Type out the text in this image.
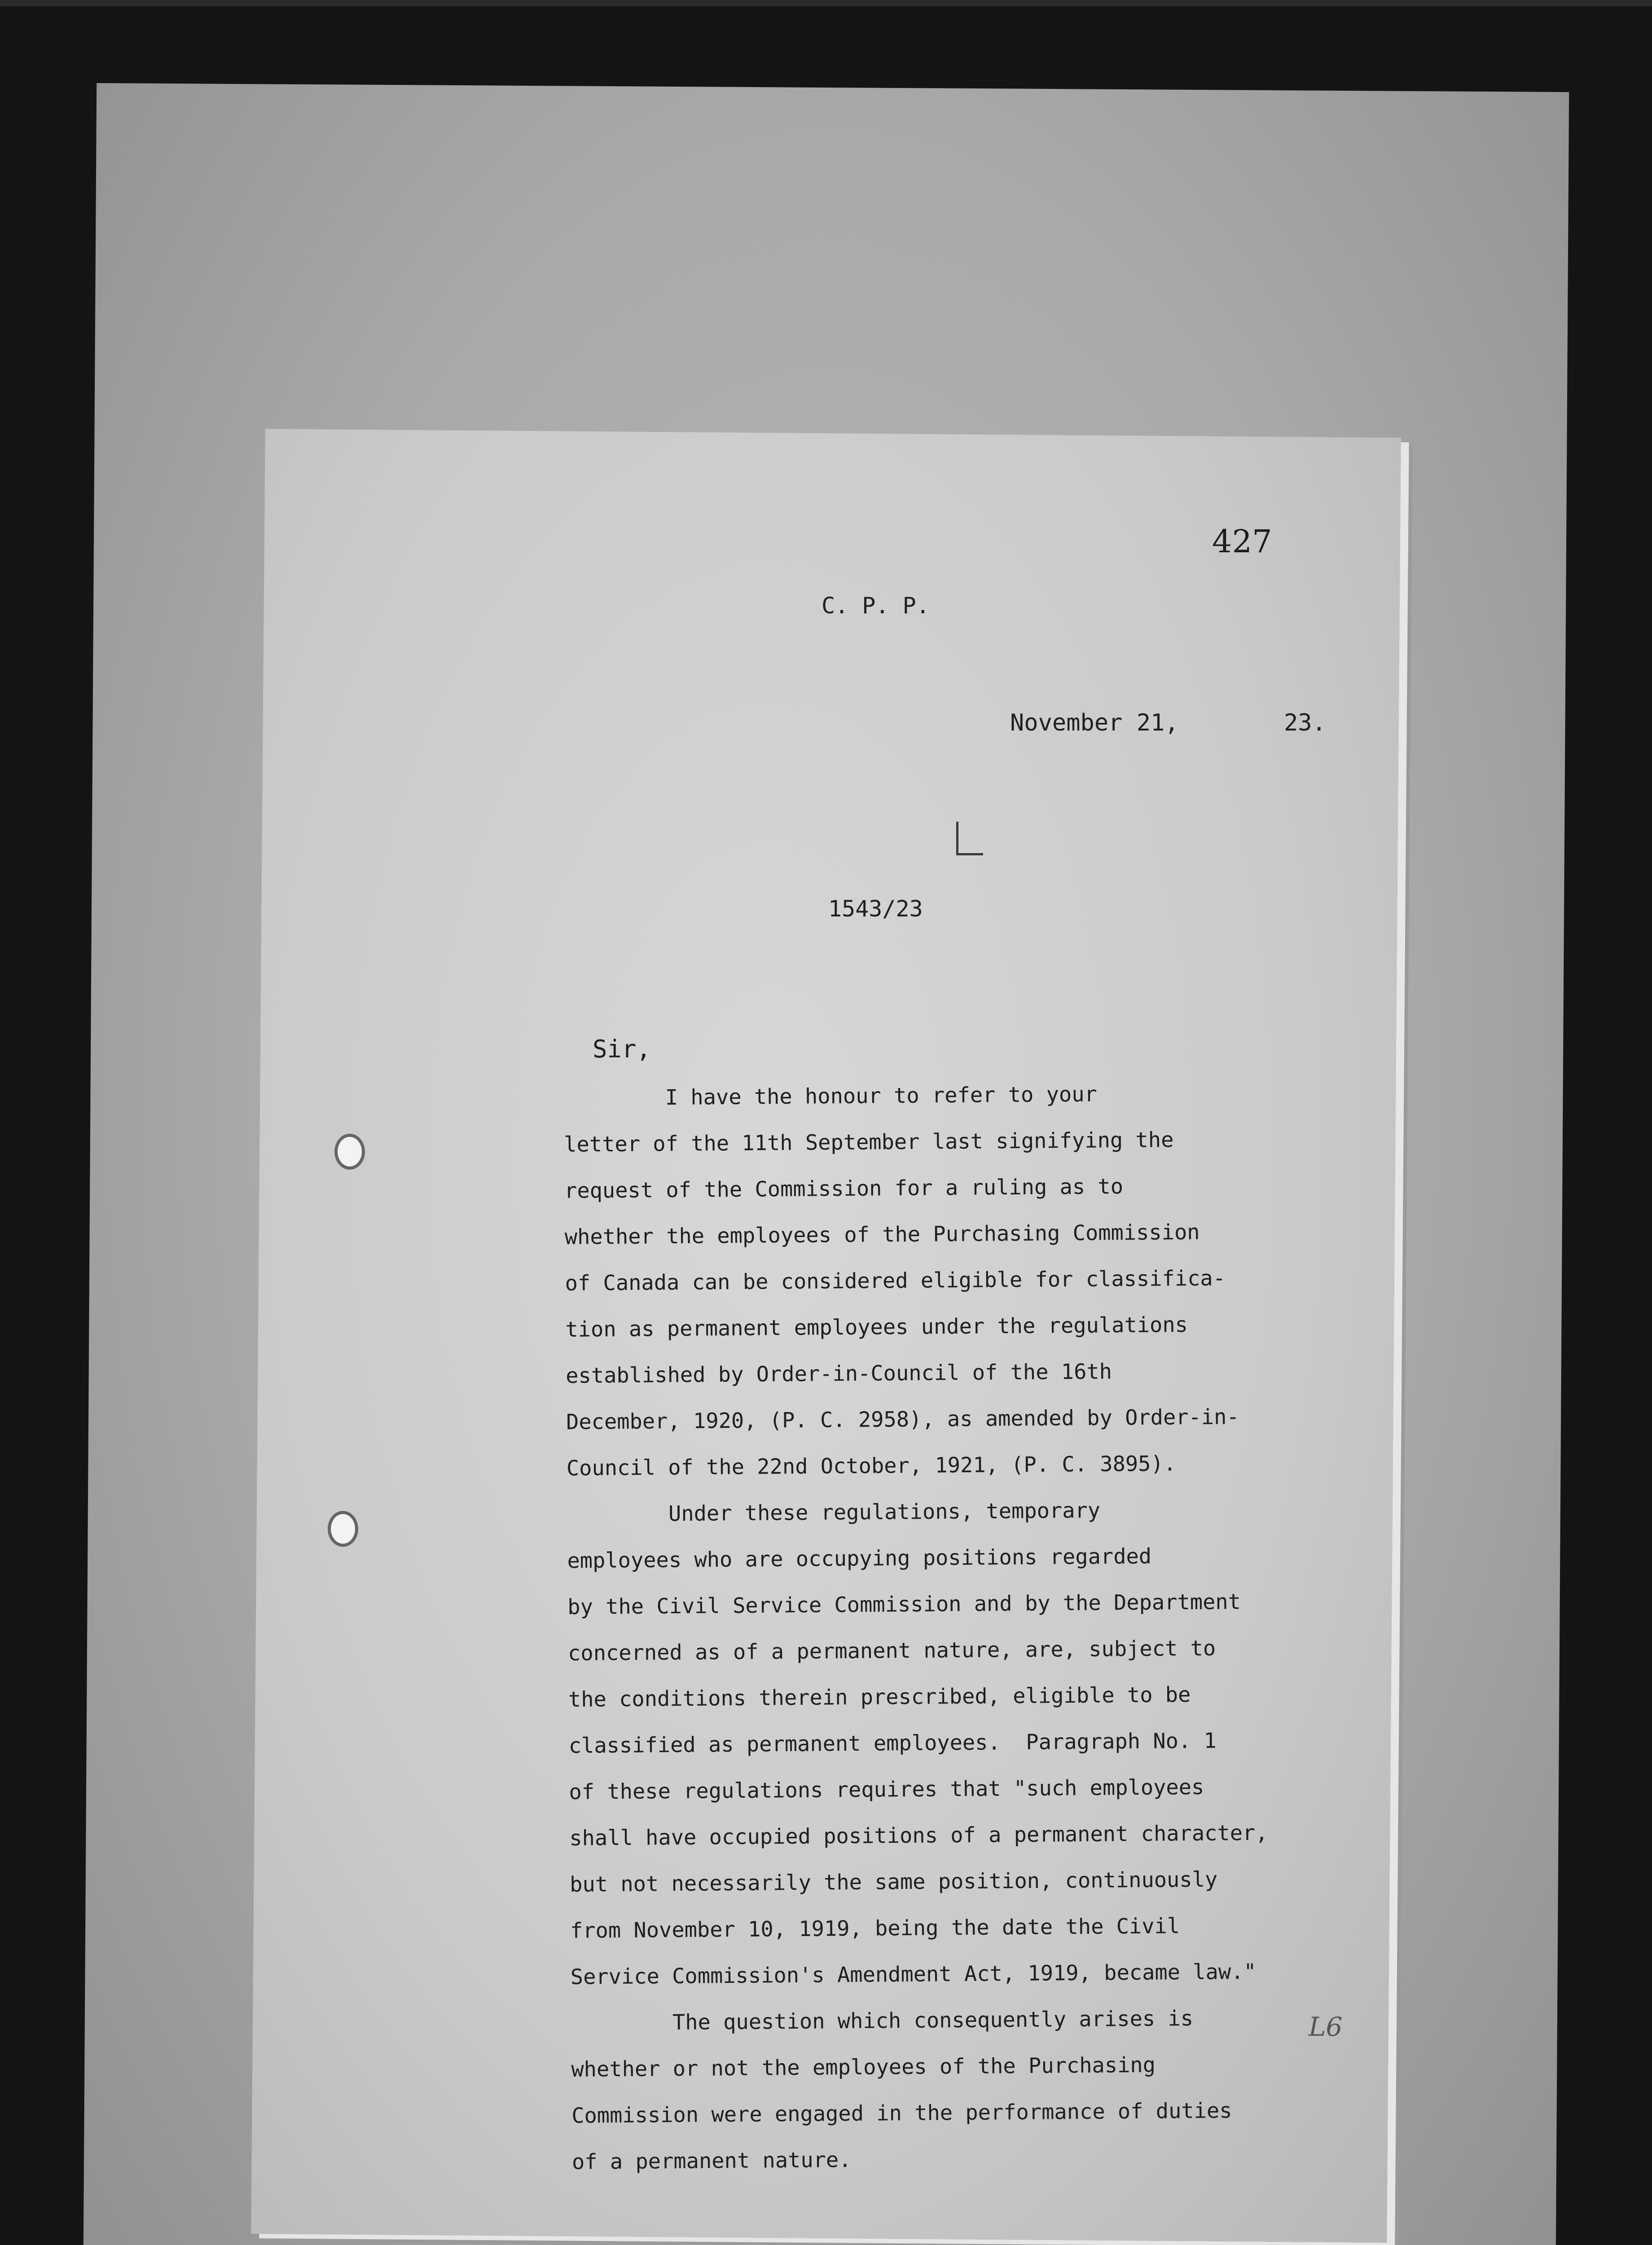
427
C. P. P.
November 21,	23.
1543/23
Sir,
I have the honour to refer to your
letter of the 11th September last signifying the
request of the Commission for a ruling as to
whether the employees of the Purchasing Commission
of Canada can be considered eligible for classifica-
tion as permanent employees under the regulations
established by Order-in-Council of the 16th
December, 1920, (P. C. 2958), as amended by Order-in-
Council of the 22nd October, 1921, (P. C. 3895).
Under these regulations, temporary
employees who are occupying positions regarded
by the Civil Service Commission and by the Department
concerned as of a permanent nature, are, subject to
the conditions therein prescribed, eligible to be
classified as permanent employees.  Paragraph No. 1
of these regulations requires that "such employees
shall have occupied positions of a permanent character,
but not necessarily the same position, continuously
from November 10, 1919, being the date the Civil
Service Commission's Amendment Act, 1919, became law."
The question which consequently arises is
whether or not the employees of the Purchasing
Commission were engaged in the performance of duties
of a permanent nature.
L6
